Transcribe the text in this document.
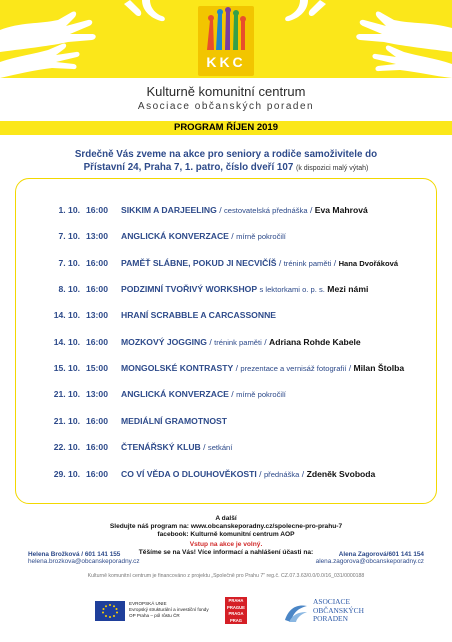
KKC
Kulturně komunitní centrum
Asociace občanských poraden
PROGRAM ŘÍJEN 2019
Srdečně Vás zveme na akce pro seniory a rodiče samoživitele do
Přístavní 24, Praha 7, 1. patro, číslo dveří 107 (k dispozici malý výtah)
1. 10. 16:00	SIKKIM A DARJEELING / cestovatelská přednáška / Eva Mahrová
7. 10. 13:00	ANGLICKÁ KONVERZACE / mírně pokročilí
7. 10. 16:00	PAMĚŤ SLÁBNE, POKUD JI NECVIČÍŠ / trénink paměti / Hana Dvořáková
8. 10. 16:00	PODZIMNÍ TVOŘIVÝ WORKSHOP s lektorkami o. p. s. Mezi námi
14. 10. 13:00	HRANÍ SCRABBLE A CARCASSONNE
14. 10. 16:00	MOZKOVÝ JOGGING / trénink paměti / Adriana Rohde Kabele
15. 10. 15:00	MONGOLSKÉ KONTRASTY / prezentace a vernisáž fotografií / Milan Štolba
21. 10. 13:00	ANGLICKÁ KONVERZACE / mírně pokročilí
21. 10. 16:00	MEDIÁLNÍ GRAMOTNOST
22. 10. 16:00	ČTENÁŘSKÝ KLUB / setkání
29. 10. 16:00	CO VÍ VĚDA O DLOUHOVĚKOSTI / přednáška / Zdeněk Svoboda
A další
Sledujte náš program na: www.obcanskeporadny.cz/spolecne-pro-prahu-7
facebook: Kulturně komunitní centrum AOP
Vstup na akce je volný.
Těšíme se na Vás! Více informací a nahlášení účasti na:
Helena Brožková / 601 141 155
helena.brozkova@obcanskeporadny.cz
Alena Zagorová/601 141 154
alena.zagorova@obcanskeporadny.cz
Kulturně komunitní centrum je financováno z projektu „Společně pro Prahu 7" reg.č. CZ.07.3.63/0.0/0.0/16_031/0000188
EVROPSKÁ UNIE
Evropský strukturální a investiční fondy
OP Praha – pól růstu ČR
PRAHA
PRAGUE
PRAGA
PRAG
ASOCIACE
OBČANSKÝCH
PORADEN
